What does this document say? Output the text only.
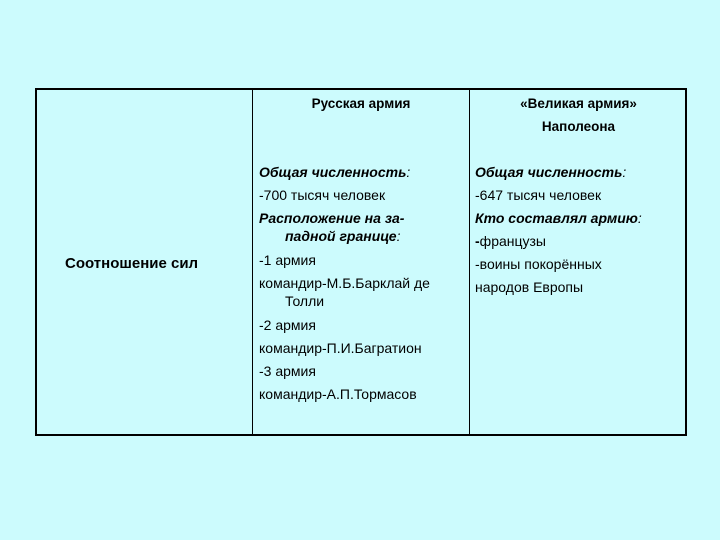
Соотношение сил
Русская армия	«Великая армия»
Наполеона
Общая численность:
-700 тысяч человек
Расположение на за-
падной границе:
-1 армия
командир-М.Б.Барклай де
Толли
-2 армия
командир-П.И.Багратион
-3 армия
командир-А.П.Тормасов
Общая численность:
-647 тысяч человек
Кто составлял армию:
-французы
-воины покорённых
народов Европы
